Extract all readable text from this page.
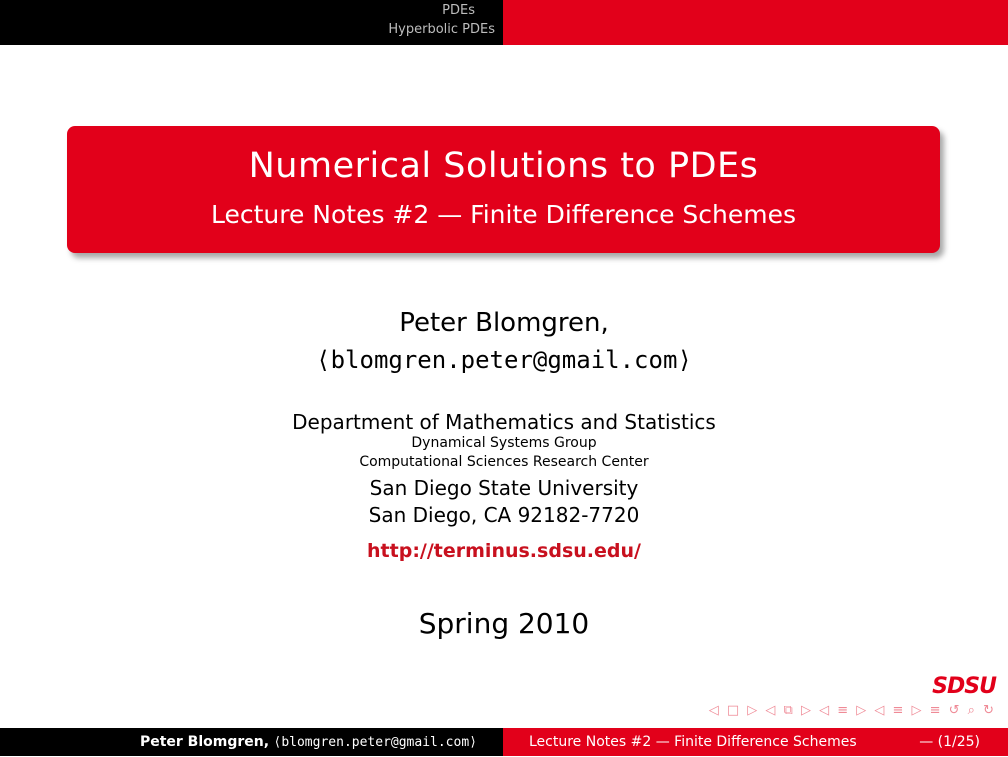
PDEs
Hyperbolic PDEs
Numerical Solutions to PDEs
Lecture Notes #2 — Finite Difference Schemes
Peter Blomgren,
⟨blomgren.peter@gmail.com⟩
Department of Mathematics and Statistics
Dynamical Systems Group
Computational Sciences Research Center
San Diego State University
San Diego, CA 92182-7720
http://terminus.sdsu.edu/
Spring 2010
SDSU
◁ □ ▷ ◁ ⧉ ▷ ◁ ≡ ▷ ◁ ≡ ▷ ≡ ↺ ⌕ ↻
Peter Blomgren, ⟨blomgren.peter@gmail.com⟩	Lecture Notes #2 — Finite Difference Schemes	— (1/25)
